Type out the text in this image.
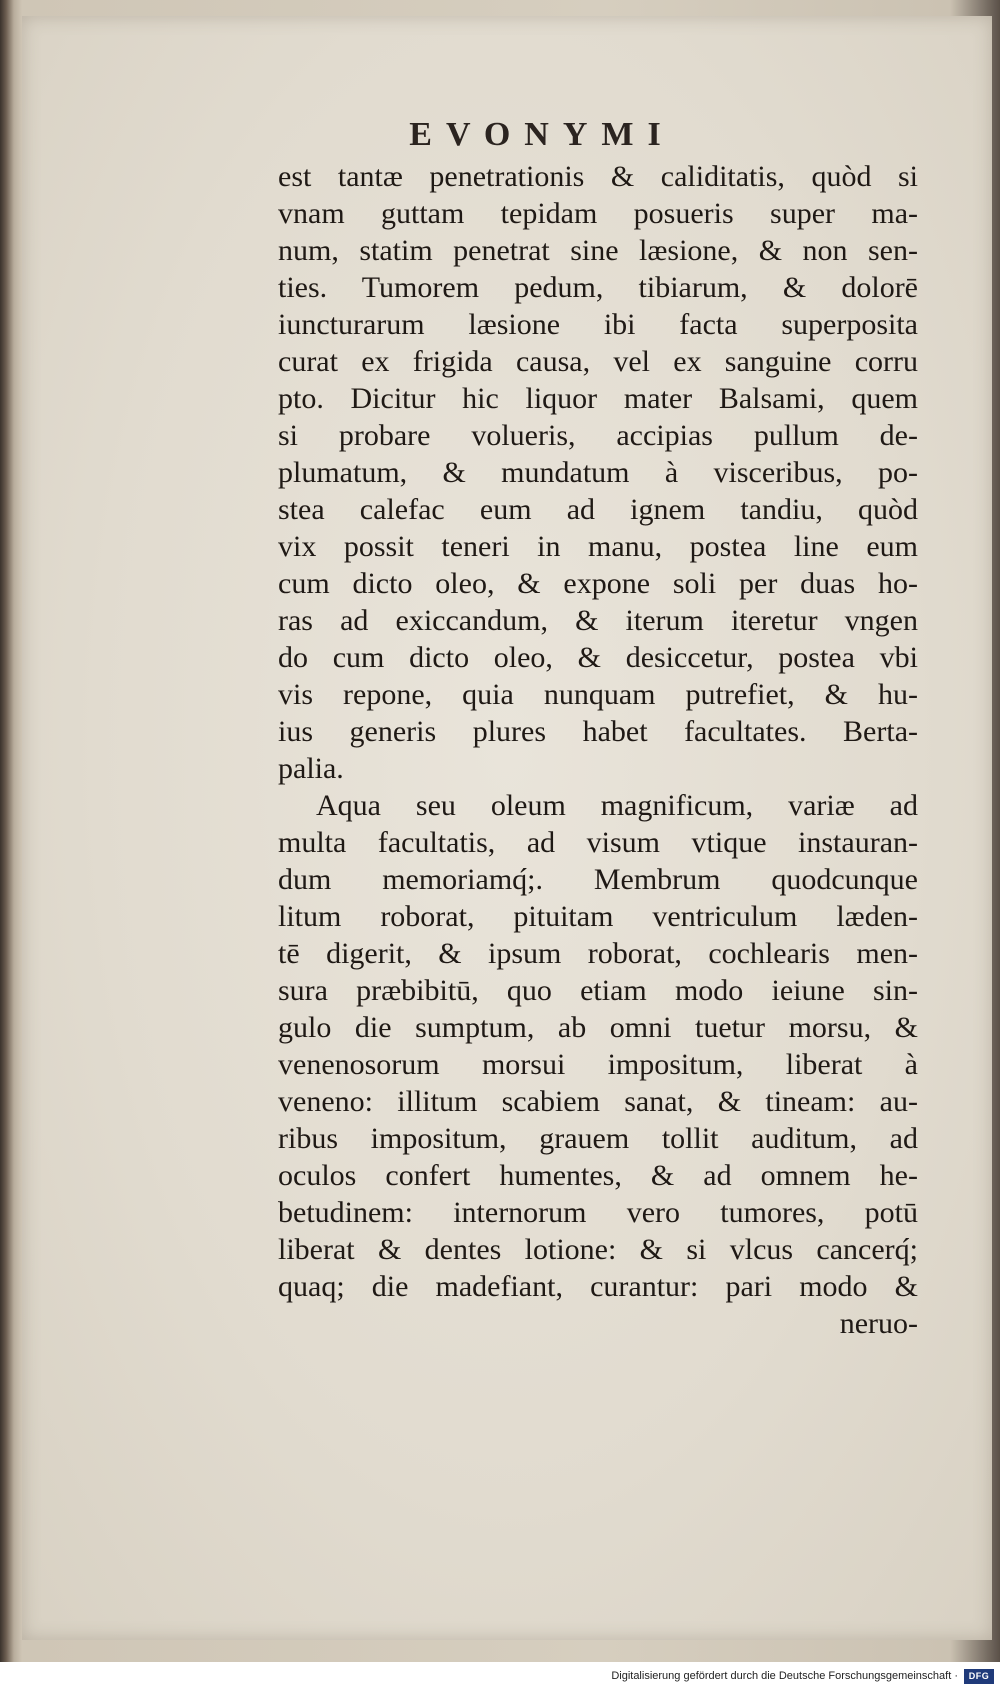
EVONYMI
est tantæ penetrationis & caliditatis, quòd si
vnam guttam tepidam posueris super ma-
num, statim penetrat sine læsione, & non sen-
ties. Tumorem pedum, tibiarum, & dolorē
iuncturarum læsione ibi facta superposita
curat ex frigida causa, vel ex sanguine corru
pto. Dicitur hic liquor mater Balsami, quem
si probare volueris, accipias pullum de-
plumatum, & mundatum à visceribus, po-
stea calefac eum ad ignem tandiu, quòd
vix possit teneri in manu, postea line eum
cum dicto oleo, & expone soli per duas ho-
ras ad exiccandum, & iterum iteretur vngen
do cum dicto oleo, & desiccetur, postea vbi
vis repone, quia nunquam putrefiet, & hu-
ius generis plures habet facultates. Berta-
palia.
Aqua seu oleum magnificum, variæ ad
multa facultatis, ad visum vtique instauran-
dum memoriamq́;. Membrum quodcunque
litum roborat, pituitam ventriculum læden-
tē digerit, & ipsum roborat, cochlearis men-
sura præbibitū, quo etiam modo ieiune sin-
gulo die sumptum, ab omni tuetur morsu, &
venenosorum morsui impositum, liberat à
veneno: illitum scabiem sanat, & tineam: au-
ribus impositum, grauem tollit auditum, ad
oculos confert humentes, & ad omnem he-
betudinem: internorum vero tumores, potū
liberat & dentes lotione: & si vlcus cancerq́;
quaq; die madefiant, curantur: pari modo &
neruo-
Digitalisierung gefördert durch die Deutsche Forschungsgemeinschaft ·	DFG
